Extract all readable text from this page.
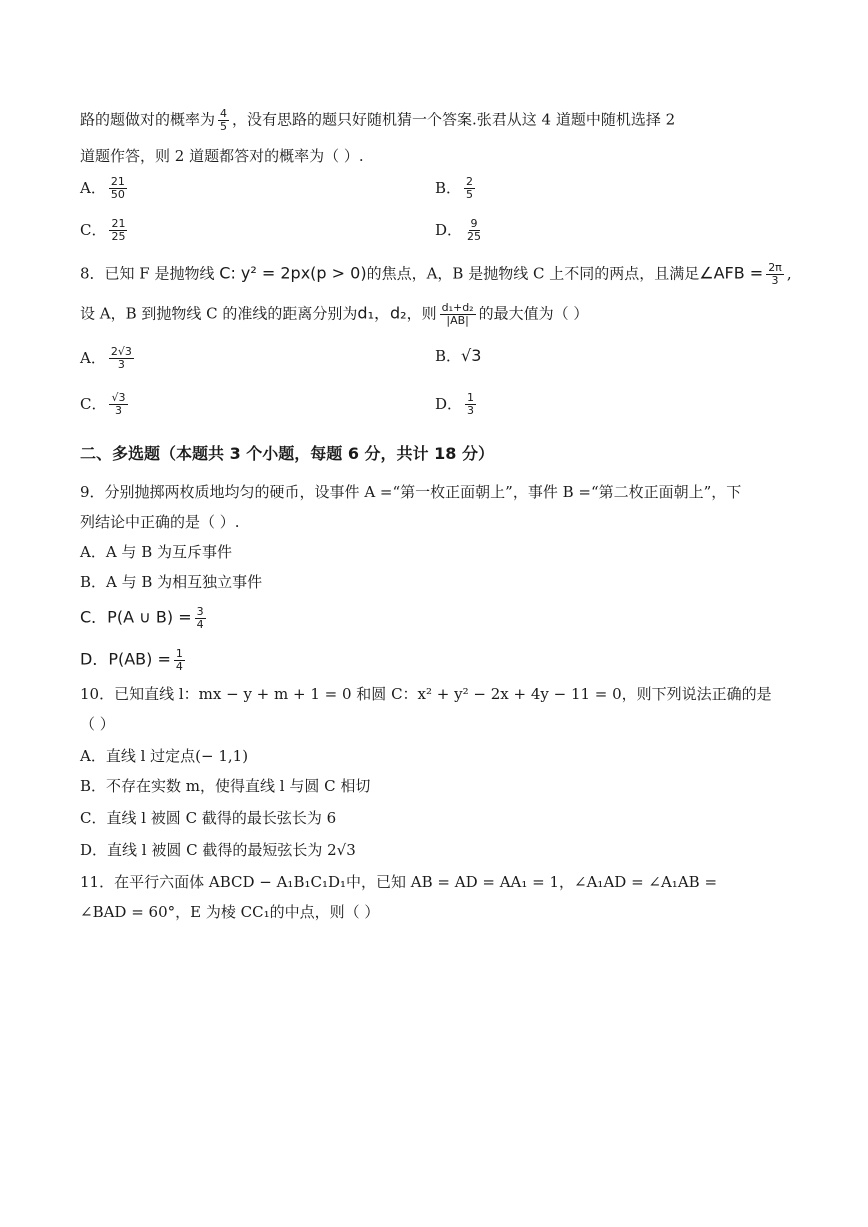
路的题做对的概率为 $\frac{4}{5}$ ，没有思路的题只好随机猜一个答案.张君从这 4 道题中随机选择 2
道题作答，则 2 道题都答对的概率为（ ）.
A． $\frac{21}{50}$	B． $\frac{2}{5}$
C． $\frac{21}{25}$	D． $\frac{9}{25}$
8．已知 F 是抛物线 C: y² = 2px(p > 0)的焦点，A，B 是抛物线 C 上不同的两点，且满足∠AFB = $\frac{2\pi}{3}$ ,
设 A，B 到抛物线 C 的准线的距离分别为d₁，d₂，则 $\frac{\text{d₁+d₂}}{|AB|}$ 的最大值为（ ）
A． $\frac{2√3}{3}$	B．√3
C． $\frac{√3}{3}$	D． $\frac{1}{3}$
二、多选题（本题共 3 个小题，每题 6 分，共计 18 分）
9．分别抛掷两枚质地均匀的硬币，设事件 A =“第一枚正面朝上”，事件 B =“第二枚正面朝上”，下
列结论中正确的是（ ）.
A．A 与 B 为互斥事件
B．A 与 B 为相互独立事件
C．P(A ∪ $B) = \frac{3}{4}$
D．$P(AB) = \frac{1}{4}$
10．已知直线 l：mx − y + m + 1 = 0 和圆 C：x² + y² − 2x + 4y − 11 = 0，则下列说法正确的是
（ ）
A．直线 l 过定点(− 1,1)
B．不存在实数 m，使得直线 l 与圆 C 相切
C．直线 l 被圆 C 截得的最长弦长为 6
D．直线 l 被圆 C 截得的最短弦长为 2√3
11．在平行六面体 ABCD − A₁B₁C₁D₁中，已知 AB = AD = AA₁ = 1，∠A₁AD = ∠A₁AB =
∠BAD = 60°，E 为棱 CC₁的中点，则（ ）
